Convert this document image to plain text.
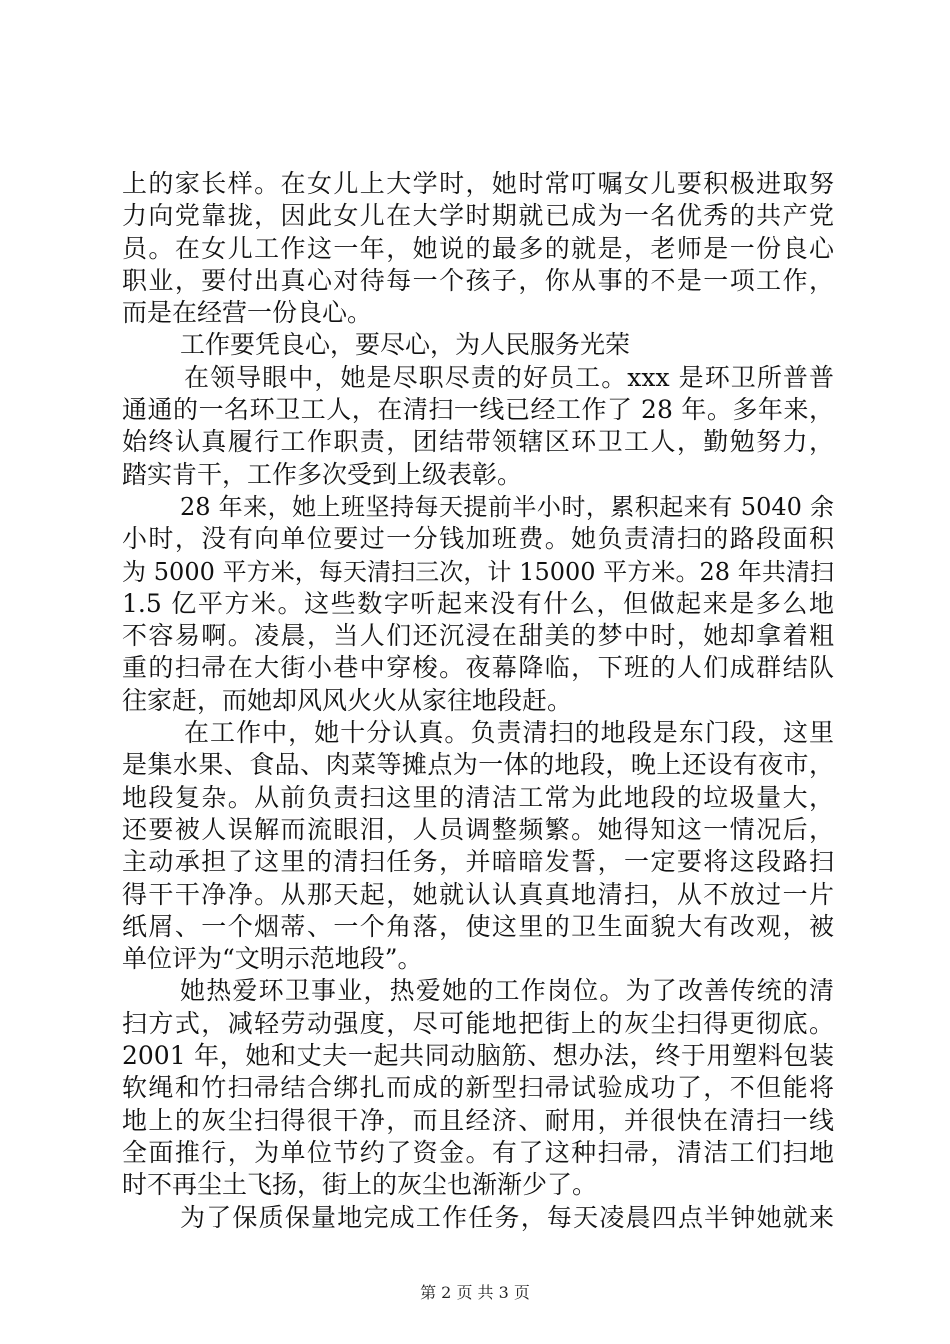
上的家长样。在女儿上大学时，她时常叮嘱女儿要积极进取努
力向党靠拢，因此女儿在大学时期就已成为一名优秀的共产党
员。在女儿工作这一年，她说的最多的就是，老师是一份良心
职业，要付出真心对待每一个孩子，你从事的不是一项工作，
而是在经营一份良心。
工作要凭良心，要尽心，为人民服务光荣
在领导眼中，她是尽职尽责的好员工。xxx 是环卫所普普
通通的一名环卫工人，在清扫一线已经工作了 28 年。多年来，
始终认真履行工作职责，团结带领辖区环卫工人，勤勉努力，
踏实肯干，工作多次受到上级表彰。
28 年来，她上班坚持每天提前半小时，累积起来有 5040 余
小时，没有向单位要过一分钱加班费。她负责清扫的路段面积
为 5000 平方米，每天清扫三次，计 15000 平方米。28 年共清扫
1.5 亿平方米。这些数字听起来没有什么，但做起来是多么地
不容易啊。凌晨，当人们还沉浸在甜美的梦中时，她却拿着粗
重的扫帚在大街小巷中穿梭。夜幕降临，下班的人们成群结队
往家赶，而她却风风火火从家往地段赶。
在工作中，她十分认真。负责清扫的地段是东门段，这里
是集水果、食品、肉菜等摊点为一体的地段，晚上还设有夜市，
地段复杂。从前负责扫这里的清洁工常为此地段的垃圾量大，
还要被人误解而流眼泪，人员调整频繁。她得知这一情况后，
主动承担了这里的清扫任务，并暗暗发誓，一定要将这段路扫
得干干净净。从那天起，她就认认真真地清扫，从不放过一片
纸屑、一个烟蒂、一个角落，使这里的卫生面貌大有改观，被
单位评为“文明示范地段”。
她热爱环卫事业，热爱她的工作岗位。为了改善传统的清
扫方式，减轻劳动强度，尽可能地把街上的灰尘扫得更彻底。
2001 年，她和丈夫一起共同动脑筋、想办法，终于用塑料包装
软绳和竹扫帚结合绑扎而成的新型扫帚试验成功了，不但能将
地上的灰尘扫得很干净，而且经济、耐用，并很快在清扫一线
全面推行，为单位节约了资金。有了这种扫帚，清洁工们扫地
时不再尘土飞扬，街上的灰尘也渐渐少了。
为了保质保量地完成工作任务，每天凌晨四点半钟她就来
第 2 页 共 3 页
